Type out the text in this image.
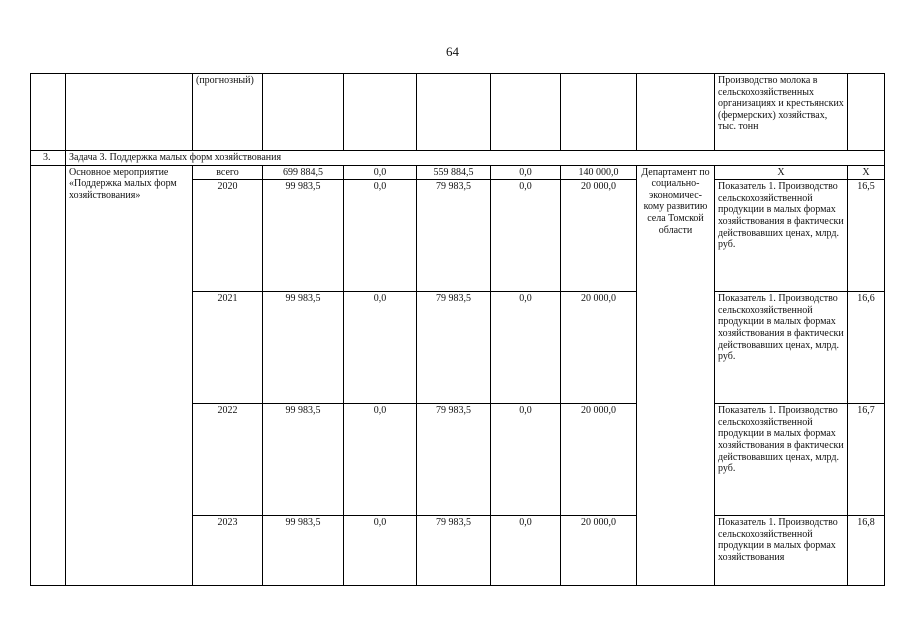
64
		(прогнозный)							Производство молока в сельскохозяйственных организациях и крестьянских (фермерских) хозяйствах, тыс. тонн	
3.	Задача 3. Поддержка малых форм хозяйствования									
	Основное мероприятие «Поддержка малых форм хозяйствования»	всего	699 884,5	0,0	559 884,5	0,0	140 000,0	Департамент по социально-экономичес-кому развитию села Томской области	Х	Х
		2020	99 983,5	0,0	79 983,5	0,0	20 000,0		Показатель 1. Производство сельскохозяйственной продукции в малых формах хозяйствования в фактически действовавших ценах, млрд. руб.	16,5
		2021	99 983,5	0,0	79 983,5	0,0	20 000,0		Показатель 1. Производство сельскохозяйственной продукции в малых формах хозяйствования в фактически действовавших ценах, млрд. руб.	16,6
		2022	99 983,5	0,0	79 983,5	0,0	20 000,0		Показатель 1. Производство сельскохозяйственной продукции в малых формах хозяйствования в фактически действовавших ценах, млрд. руб.	16,7
		2023	99 983,5	0,0	79 983,5	0,0	20 000,0		Показатель 1. Производство сельскохозяйственной продукции в малых формах хозяйствования	16,8
